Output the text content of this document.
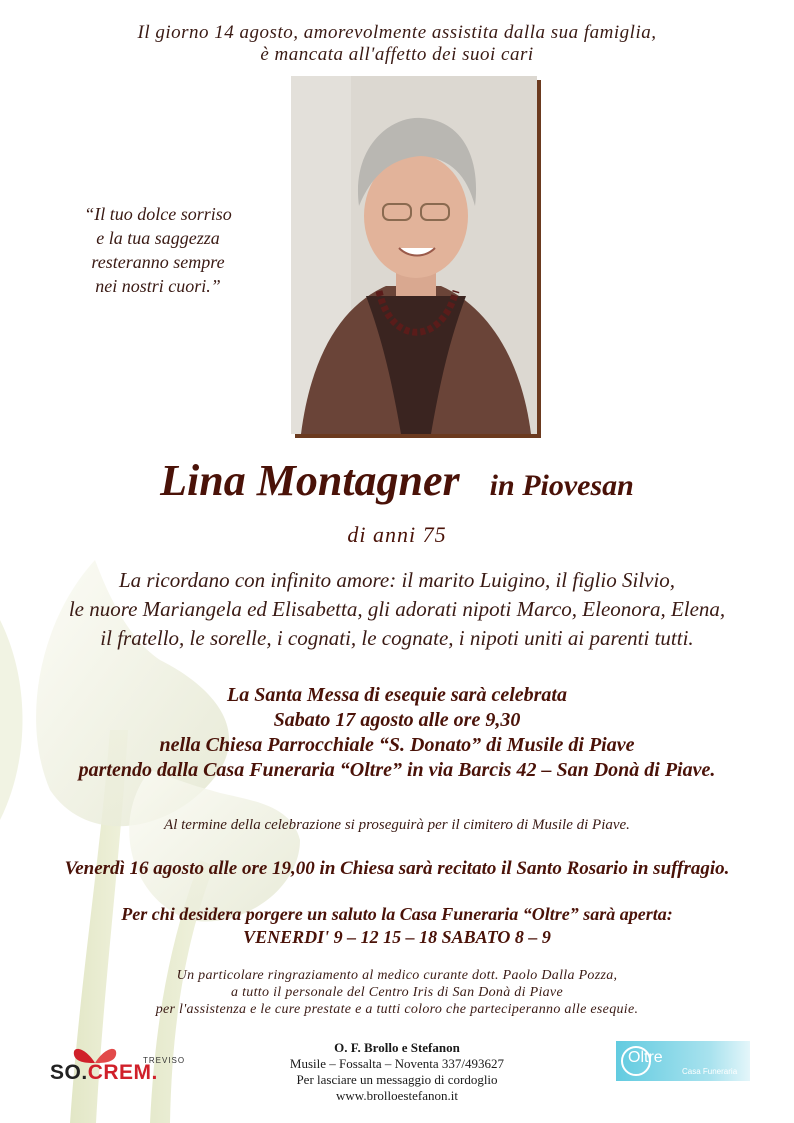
Il giorno 14 agosto, amorevolmente assistita dalla sua famiglia,
è mancata all'affetto dei suoi cari
“Il tuo dolce sorriso
e la tua saggezza
resteranno sempre
nei nostri cuori.”
Lina Montagner in Piovesan
di anni 75
La ricordano con infinito amore: il marito Luigino, il figlio Silvio,
le nuore Mariangela ed Elisabetta, gli adorati nipoti Marco, Eleonora, Elena,
il fratello, le sorelle, i cognati, le cognate, i nipoti uniti ai parenti tutti.
La Santa Messa di esequie sarà celebrata
Sabato 17 agosto alle ore 9,30
nella Chiesa Parrocchiale “S. Donato” di Musile di Piave
partendo dalla Casa Funeraria “Oltre” in via Barcis 42 – San Donà di Piave.
Al termine della celebrazione si proseguirà per il cimitero di Musile di Piave.
Venerdì 16 agosto alle ore 19,00 in Chiesa sarà recitato il Santo Rosario in suffragio.
Per chi desidera porgere un saluto la Casa Funeraria “Oltre” sarà aperta:
VENERDI' 9 – 12 15 – 18 SABATO 8 – 9
Un particolare ringraziamento al medico curante dott. Paolo Dalla Pozza,
a tutto il personale del Centro Iris di San Donà di Piave
per l'assistenza e le cure prestate e a tutti coloro che parteciperanno alle esequie.
O. F. Brollo e Stefanon
Musile – Fossalta – Noventa 337/493627
Per lasciare un messaggio di cordoglio
www.brolloestefanon.it
TREVISO
SO.CREM.
Oltre
Casa Funeraria
